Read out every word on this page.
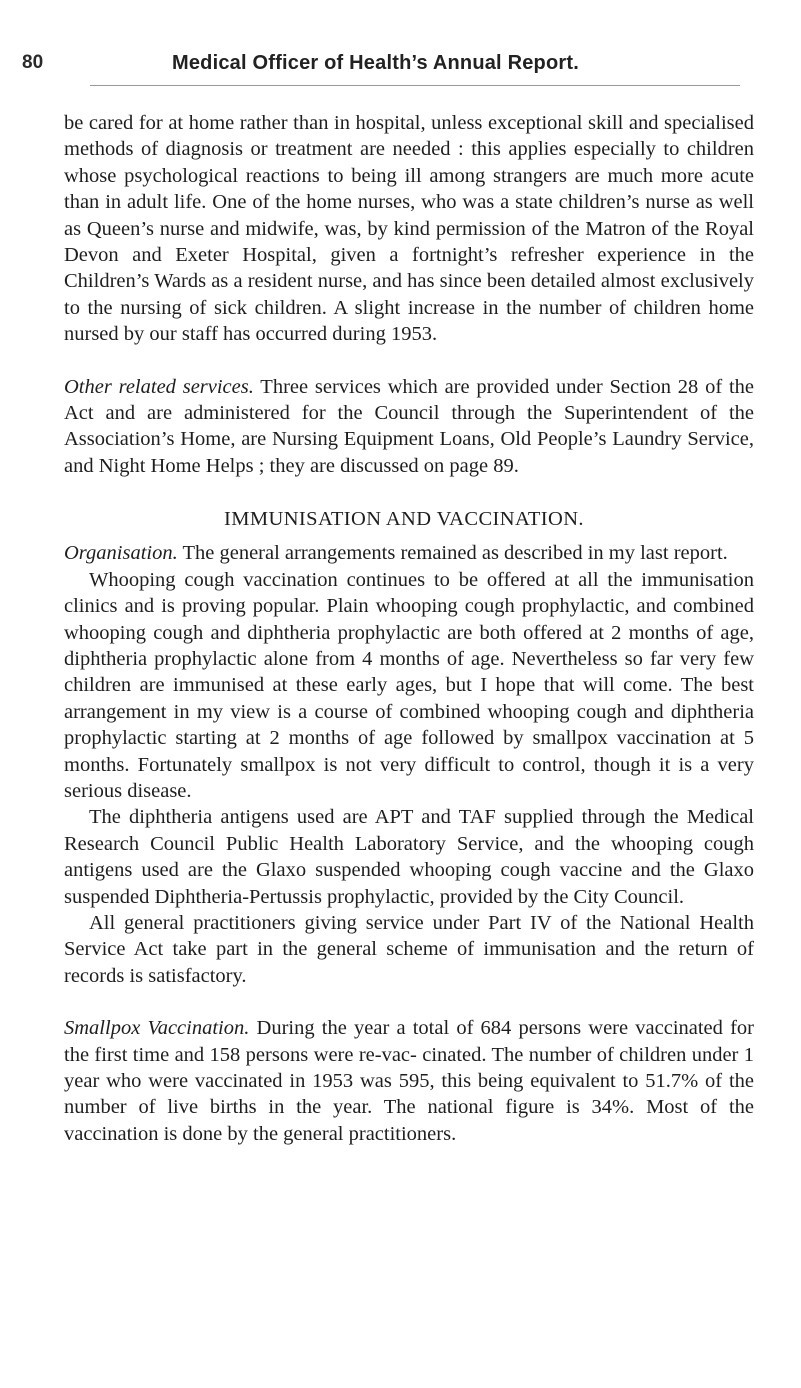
80	Medical Officer of Health’s Annual Report.

be cared for at home rather than in hospital, unless exceptional skill and specialised methods of diagnosis or treatment are needed : this applies especially to children whose psychological reactions to being ill among strangers are much more acute than in adult life. One of the home nurses, who was a state children’s nurse as well as Queen’s nurse and midwife, was, by kind permission of the Matron of the Royal Devon and Exeter Hospital, given a fortnight’s refresher experience in the Children’s Wards as a resident nurse, and has since been detailed almost exclusively to the nursing of sick children. A slight increase in the number of children home nursed by our staff has occurred during 1953.

Other related services. Three services which are provided under Section 28 of the Act and are administered for the Council through the Superintendent of the Association’s Home, are Nursing Equipment Loans, Old People’s Laundry Service, and Night Home Helps ; they are discussed on page 89.

IMMUNISATION AND VACCINATION.

Organisation. The general arrangements remained as described in my last report.

Whooping cough vaccination continues to be offered at all the immunisation clinics and is proving popular. Plain whooping cough prophylactic, and combined whooping cough and diphtheria prophylactic are both offered at 2 months of age, diphtheria prophylactic alone from 4 months of age. Nevertheless so far very few children are immunised at these early ages, but I hope that will come. The best arrangement in my view is a course of combined whooping cough and diphtheria prophylactic starting at 2 months of age followed by smallpox vaccination at 5 months. Fortunately smallpox is not very difficult to control, though it is a very serious disease.

The diphtheria antigens used are APT and TAF supplied through the Medical Research Council Public Health Laboratory Service, and the whooping cough antigens used are the Glaxo suspended whooping cough vaccine and the Glaxo suspended Diphtheria-Pertussis prophylactic, provided by the City Council.

All general practitioners giving service under Part IV of the National Health Service Act take part in the general scheme of immunisation and the return of records is satisfactory.

Smallpox Vaccination. During the year a total of 684 persons were vaccinated for the first time and 158 persons were re-vac- cinated. The number of children under 1 year who were vaccinated in 1953 was 595, this being equivalent to 51.7% of the number of live births in the year. The national figure is 34%. Most of the vaccination is done by the general practitioners.
